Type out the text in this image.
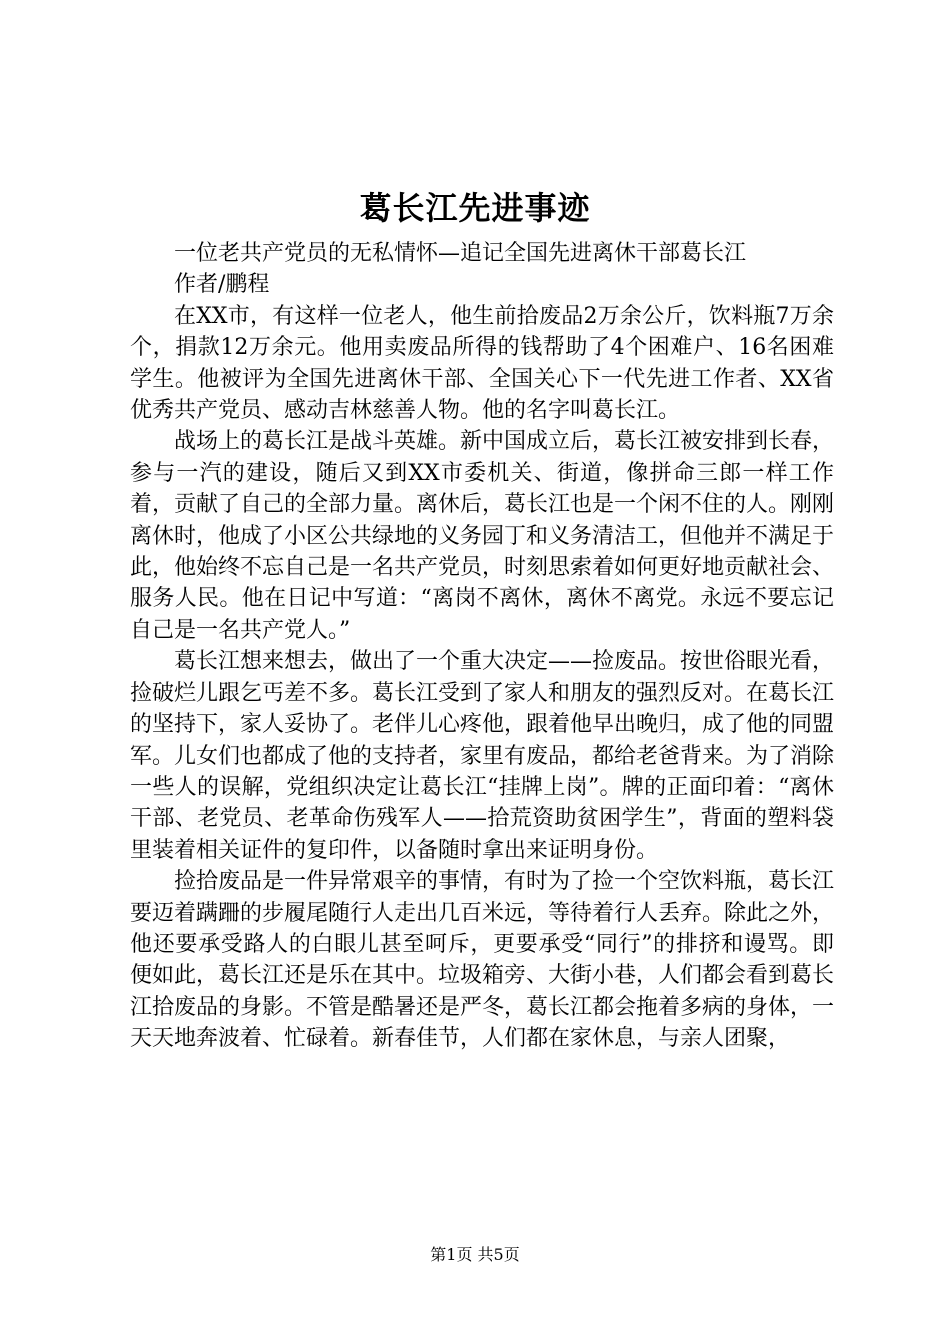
葛长江先进事迹

一位老共产党员的无私情怀—追记全国先进离休干部葛长江

作者/鹏程

在XX市，有这样一位老人，他生前拾废品2万余公斤，饮料瓶7万余个，捐款12万余元。他用卖废品所得的钱帮助了4个困难户、16名困难学生。他被评为全国先进离休干部、全国关心下一代先进工作者、XX省优秀共产党员、感动吉林慈善人物。他的名字叫葛长江。

战场上的葛长江是战斗英雄。新中国成立后，葛长江被安排到长春，参与一汽的建设，随后又到XX市委机关、街道，像拼命三郎一样工作着，贡献了自己的全部力量。离休后，葛长江也是一个闲不住的人。刚刚离休时，他成了小区公共绿地的义务园丁和义务清洁工，但他并不满足于此，他始终不忘自己是一名共产党员，时刻思索着如何更好地贡献社会、服务人民。他在日记中写道：“离岗不离休，离休不离党。永远不要忘记自己是一名共产党人。”

葛长江想来想去，做出了一个重大决定——捡废品。按世俗眼光看，捡破烂儿跟乞丐差不多。葛长江受到了家人和朋友的强烈反对。在葛长江的坚持下，家人妥协了。老伴儿心疼他，跟着他早出晚归，成了他的同盟军。儿女们也都成了他的支持者，家里有废品，都给老爸背来。为了消除一些人的误解，党组织决定让葛长江“挂牌上岗”。牌的正面印着：“离休干部、老党员、老革命伤残军人——拾荒资助贫困学生”，背面的塑料袋里装着相关证件的复印件，以备随时拿出来证明身份。

捡拾废品是一件异常艰辛的事情，有时为了捡一个空饮料瓶，葛长江要迈着蹒跚的步履尾随行人走出几百米远，等待着行人丢弃。除此之外，他还要承受路人的白眼儿甚至呵斥，更要承受“同行”的排挤和谩骂。即便如此，葛长江还是乐在其中。垃圾箱旁、大街小巷，人们都会看到葛长江拾废品的身影。不管是酷暑还是严冬，葛长江都会拖着多病的身体，一天天地奔波着、忙碌着。新春佳节，人们都在家休息，与亲人团聚，

第1页 共5页
